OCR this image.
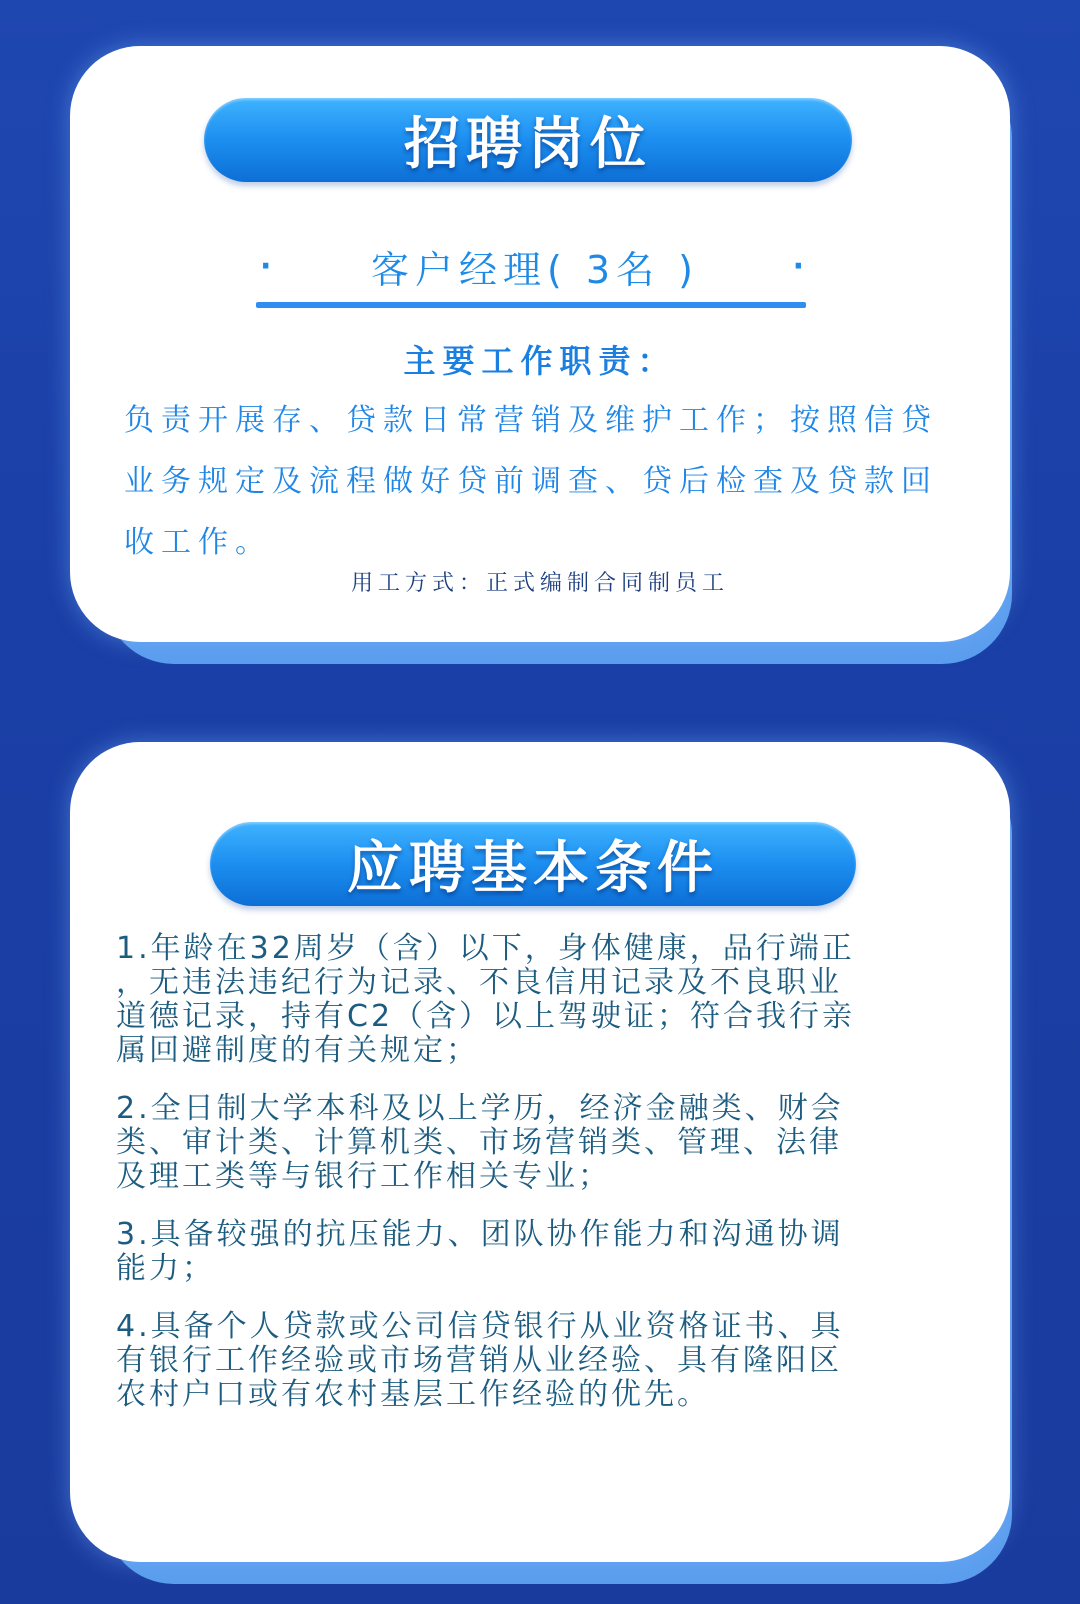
招聘岗位
· 客户经理( 3名 )	·
主要工作职责：
负责开展存、贷款日常营销及维护工作；按照信贷业务规定及流程做好贷前调查、贷后检查及贷款回收工作。
用工方式：正式编制合同制员工
应聘基本条件
1.年龄在32周岁（含）以下，身体健康，品行端正
，无违法违纪行为记录、不良信用记录及不良职业
道德记录，持有C2（含）以上驾驶证；符合我行亲
属回避制度的有关规定；
2.全日制大学本科及以上学历，经济金融类、财会
类、审计类、计算机类、市场营销类、管理、法律
及理工类等与银行工作相关专业；
3.具备较强的抗压能力、团队协作能力和沟通协调
能力；
4.具备个人贷款或公司信贷银行从业资格证书、具
有银行工作经验或市场营销从业经验、具有隆阳区
农村户口或有农村基层工作经验的优先。
